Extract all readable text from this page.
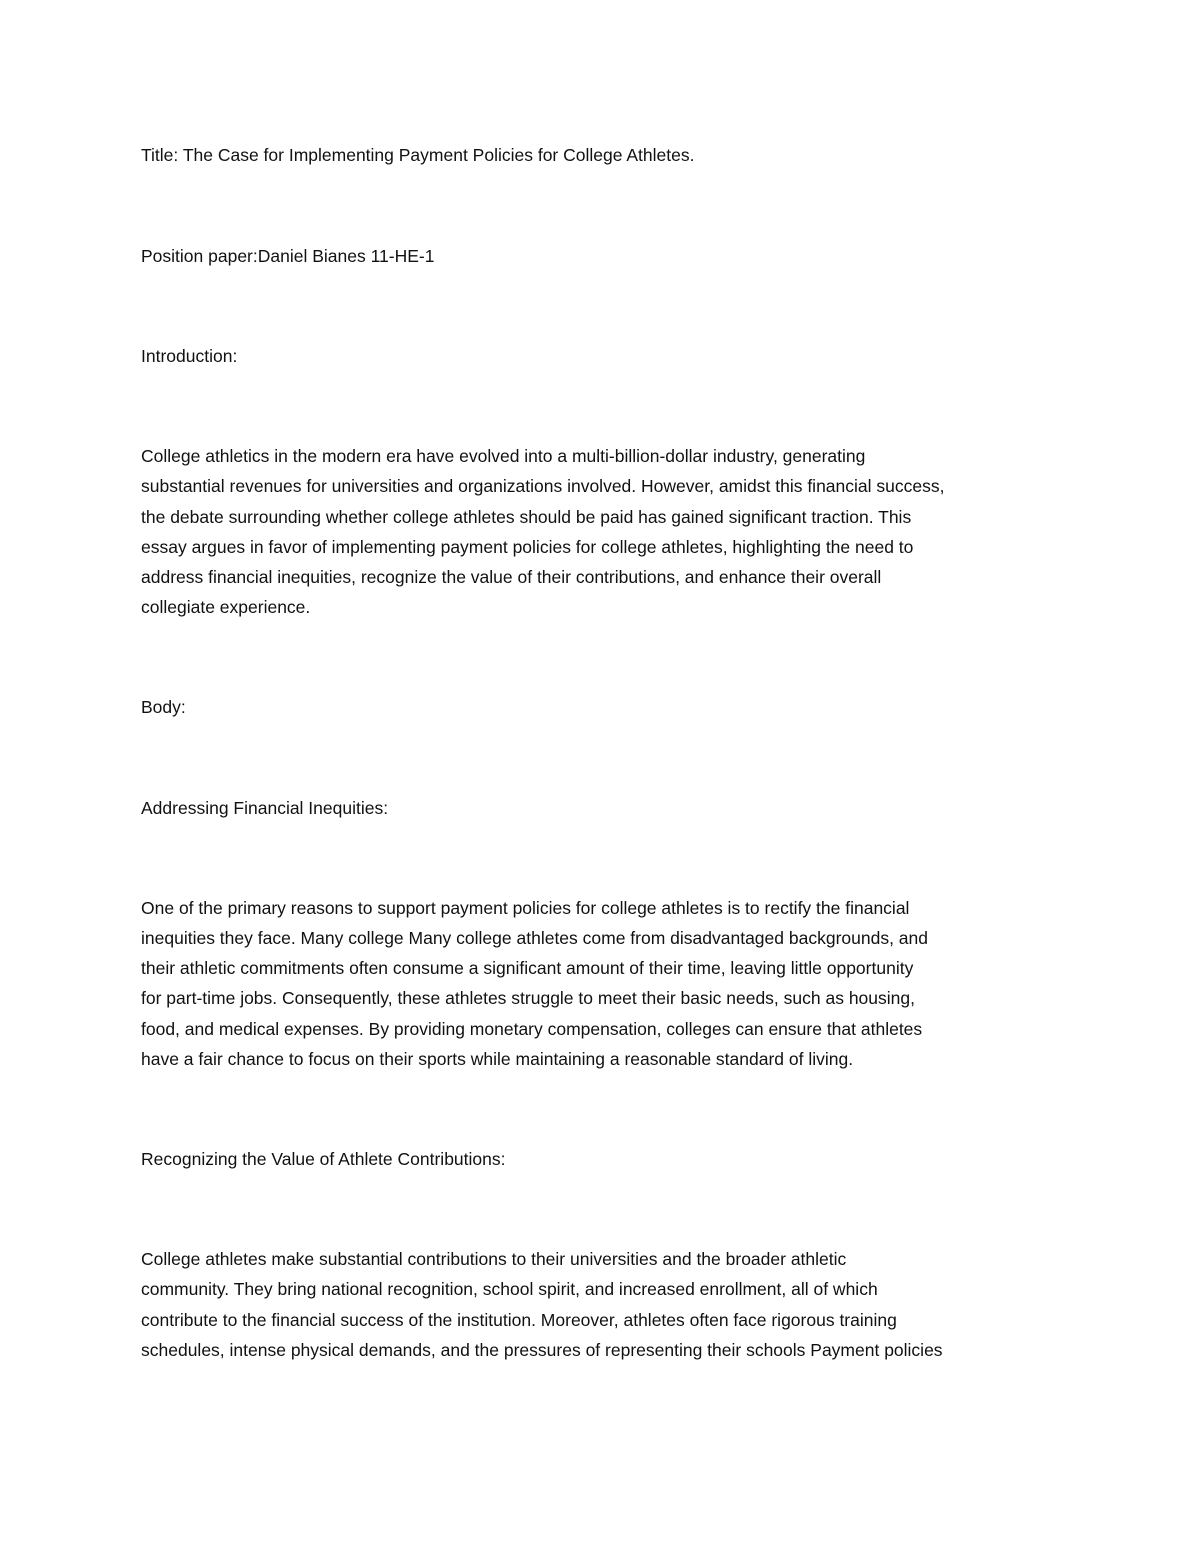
Title: The Case for Implementing Payment Policies for College Athletes.

Position paper:Daniel Bianes 11-HE-1

Introduction:

College athletics in the modern era have evolved into a multi-billion-dollar industry, generating

substantial revenues for universities and organizations involved. However, amidst this financial success,

the debate surrounding whether college athletes should be paid has gained significant traction. This

essay argues in favor of implementing payment policies for college athletes, highlighting the need to

address financial inequities, recognize the value of their contributions, and enhance their overall

collegiate experience.

Body:

Addressing Financial Inequities:

One of the primary reasons to support payment policies for college athletes is to rectify the financial

inequities they face. Many college Many college athletes come from disadvantaged backgrounds, and

their athletic commitments often consume a significant amount of their time, leaving little opportunity

for part-time jobs. Consequently, these athletes struggle to meet their basic needs, such as housing,

food, and medical expenses. By providing monetary compensation, colleges can ensure that athletes

have a fair chance to focus on their sports while maintaining a reasonable standard of living.

Recognizing the Value of Athlete Contributions:

College athletes make substantial contributions to their universities and the broader athletic

community. They bring national recognition, school spirit, and increased enrollment, all of which

contribute to the financial success of the institution. Moreover, athletes often face rigorous training

schedules, intense physical demands, and the pressures of representing their schools Payment policies
